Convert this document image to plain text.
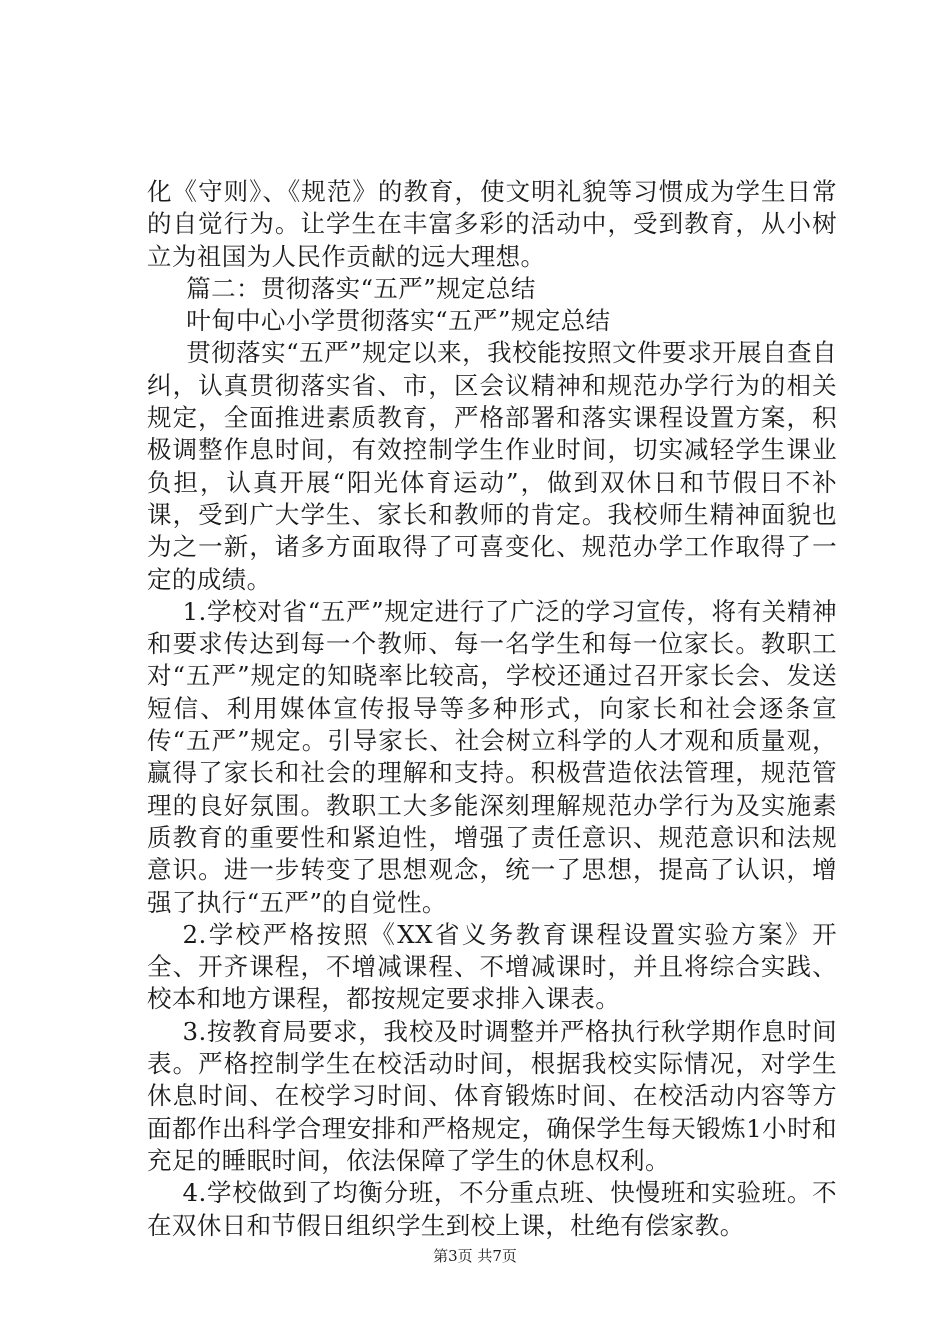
化《守则》、《规范》的教育，使文明礼貌等习惯成为学生日常的自觉行为。让学生在丰富多彩的活动中，受到教育，从小树立为祖国为人民作贡献的远大理想。

篇二：贯彻落实“五严”规定总结

叶甸中心小学贯彻落实“五严”规定总结

贯彻落实“五严”规定以来，我校能按照文件要求开展自查自纠，认真贯彻落实省、市，区会议精神和规范办学行为的相关规定，全面推进素质教育，严格部署和落实课程设置方案，积极调整作息时间，有效控制学生作业时间，切实减轻学生课业负担，认真开展“阳光体育运动”，做到双休日和节假日不补课，受到广大学生、家长和教师的肯定。我校师生精神面貌也为之一新，诸多方面取得了可喜变化、规范办学工作取得了一定的成绩。

1.学校对省“五严”规定进行了广泛的学习宣传，将有关精神和要求传达到每一个教师、每一名学生和每一位家长。教职工对“五严”规定的知晓率比较高，学校还通过召开家长会、发送短信、利用媒体宣传报导等多种形式，向家长和社会逐条宣传“五严”规定。引导家长、社会树立科学的人才观和质量观，赢得了家长和社会的理解和支持。积极营造依法管理，规范管理的良好氛围。教职工大多能深刻理解规范办学行为及实施素质教育的重要性和紧迫性，增强了责任意识、规范意识和法规意识。进一步转变了思想观念，统一了思想，提高了认识，增强了执行“五严”的自觉性。

2.学校严格按照《XX省义务教育课程设置实验方案》开全、开齐课程，不增减课程、不增减课时，并且将综合实践、校本和地方课程，都按规定要求排入课表。

3.按教育局要求，我校及时调整并严格执行秋学期作息时间表。严格控制学生在校活动时间，根据我校实际情况，对学生休息时间、在校学习时间、体育锻炼时间、在校活动内容等方面都作出科学合理安排和严格规定，确保学生每天锻炼1小时和充足的睡眠时间，依法保障了学生的休息权利。

4.学校做到了均衡分班，不分重点班、快慢班和实验班。不在双休日和节假日组织学生到校上课，杜绝有偿家教。

第3页 共7页
